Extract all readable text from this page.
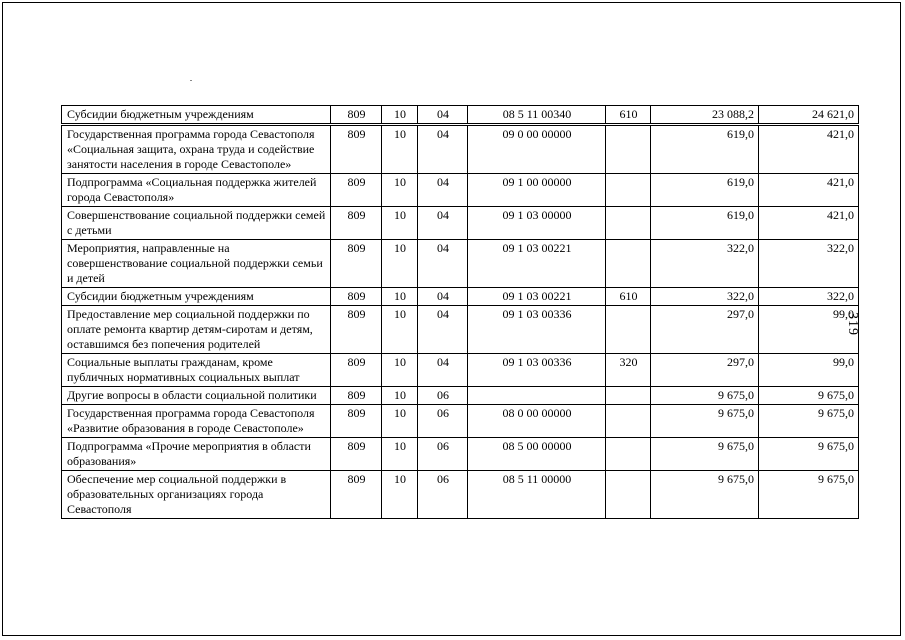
319
Субсидии бюджетным учреждениям	809	10	04	08 5 11 00340	610	23 088,2	24 621,0
Государственная программа города Севастополя «Социальная защита, охрана труда и содействие занятости населения в городе Севастополе»	809	10	04	09 0 00 00000		619,0	421,0
Подпрограмма «Социальная поддержка жителей города Севастополя»	809	10	04	09 1 00 00000		619,0	421,0
Совершенствование социальной поддержки семей с детьми	809	10	04	09 1 03 00000		619,0	421,0
Мероприятия, направленные на совершенствование социальной поддержки семьи и детей	809	10	04	09 1 03 00221		322,0	322,0
Субсидии бюджетным учреждениям	809	10	04	09 1 03 00221	610	322,0	322,0
Предоставление мер социальной поддержки по оплате ремонта квартир детям-сиротам и детям, оставшимся без попечения родителей	809	10	04	09 1 03 00336		297,0	99,0
Социальные выплаты гражданам, кроме публичных нормативных социальных выплат	809	10	04	09 1 03 00336	320	297,0	99,0
Другие вопросы в области социальной политики	809	10	06			9 675,0	9 675,0
Государственная программа города Севастополя «Развитие образования в городе Севастополе»	809	10	06	08 0 00 00000		9 675,0	9 675,0
Подпрограмма «Прочие мероприятия в области образования»	809	10	06	08 5 00 00000		9 675,0	9 675,0
Обеспечение мер социальной поддержки в образовательных организациях города Севастополя	809	10	06	08 5 11 00000		9 675,0	9 675,0
